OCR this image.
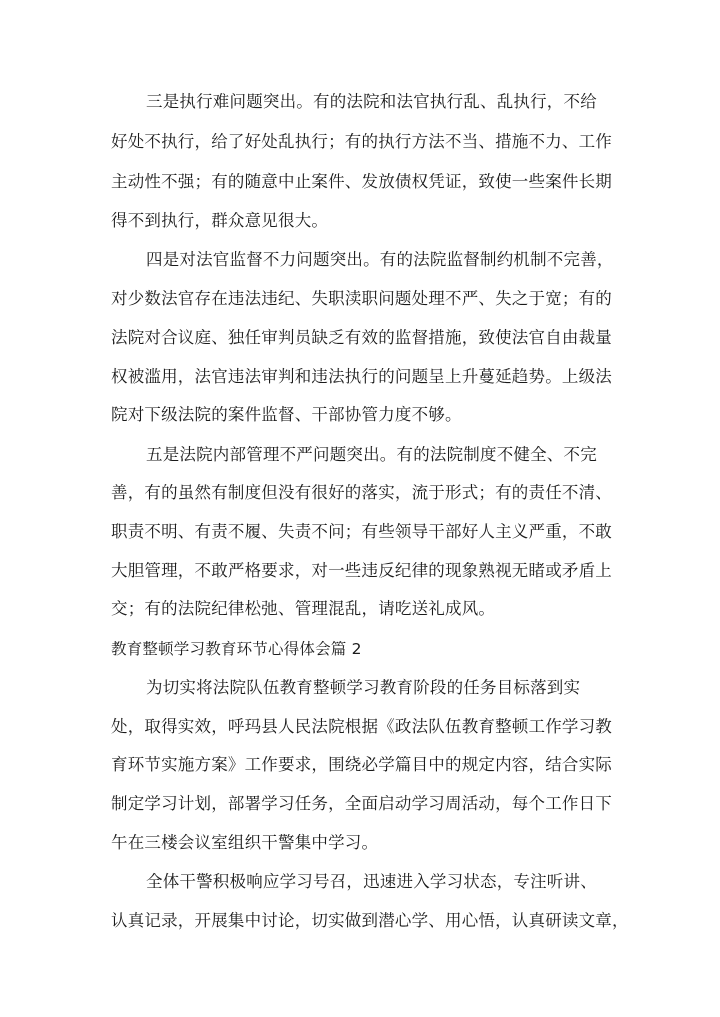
三是执行难问题突出。有的法院和法官执行乱、乱执行，不给
好处不执行，给了好处乱执行；有的执行方法不当、措施不力、工作
主动性不强；有的随意中止案件、发放债权凭证，致使一些案件长期
得不到执行，群众意见很大。
四是对法官监督不力问题突出。有的法院监督制约机制不完善，
对少数法官存在违法违纪、失职渎职问题处理不严、失之于宽；有的
法院对合议庭、独任审判员缺乏有效的监督措施，致使法官自由裁量
权被滥用，法官违法审判和违法执行的问题呈上升蔓延趋势。上级法
院对下级法院的案件监督、干部协管力度不够。
五是法院内部管理不严问题突出。有的法院制度不健全、不完
善，有的虽然有制度但没有很好的落实，流于形式；有的责任不清、
职责不明、有责不履、失责不问；有些领导干部好人主义严重，不敢
大胆管理，不敢严格要求，对一些违反纪律的现象熟视无睹或矛盾上
交；有的法院纪律松弛、管理混乱，请吃送礼成风。
教育整顿学习教育环节心得体会篇 2
为切实将法院队伍教育整顿学习教育阶段的任务目标落到实
处，取得实效，呼玛县人民法院根据《政法队伍教育整顿工作学习教
育环节实施方案》工作要求，围绕必学篇目中的规定内容，结合实际
制定学习计划，部署学习任务，全面启动学习周活动，每个工作日下
午在三楼会议室组织干警集中学习。
全体干警积极响应学习号召，迅速进入学习状态，专注听讲、
认真记录，开展集中讨论，切实做到潜心学、用心悟，认真研读文章，
